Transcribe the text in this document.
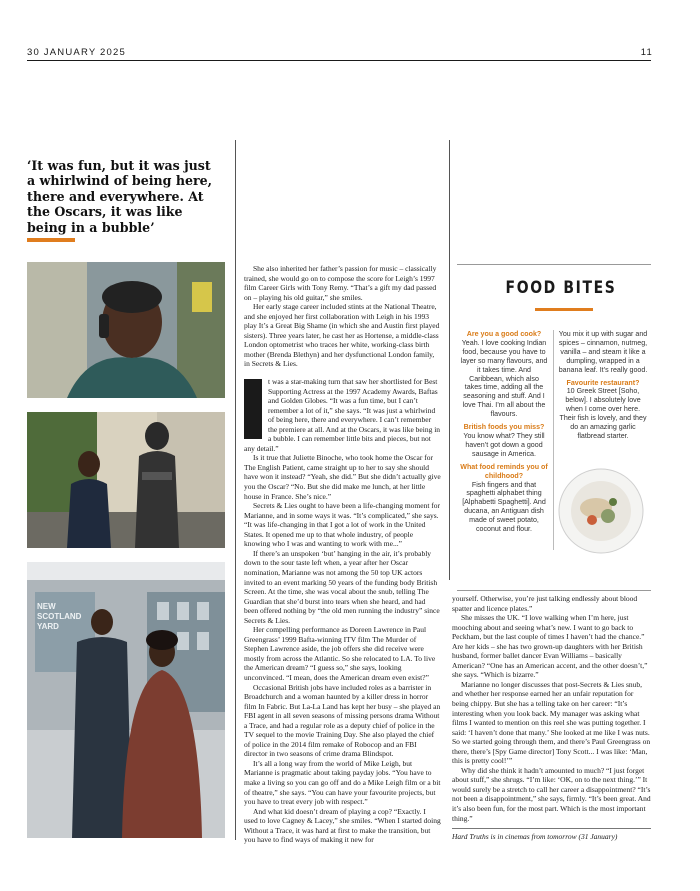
30 JANUARY 2025	11
‘It was fun, but it was just a whirlwind of being here, there and everywhere. At the Oscars, it was like being in a bubble’
NEW SCOTLAND YARD

She also inherited her father’s passion for music – classically trained, she would go on to compose the score for Leigh’s 1997 film Career Girls with Tony Remy. “That’s a gift my dad passed on – playing his old guitar,” she smiles.

Her early stage career included stints at the National Theatre, and she enjoyed her first collaboration with Leigh in his 1993 play It’s a Great Big Shame (in which she and Austin first played sisters). Three years later, he cast her as Hortense, a middle-class London optometrist who traces her white, working-class birth mother (Brenda Blethyn) and her dysfunctional London family, in Secrets & Lies.

t was a star-making turn that saw her shortlisted for Best Supporting Actress at the 1997 Academy Awards, Baftas and Golden Globes. “It was a fun time, but I can’t remember a lot of it,” she says. “It was just a whirlwind of being here, there and everywhere. I can’t remember the premiere at all. And at the Oscars, it was like being in a bubble. I can remember little bits and pieces, but not any detail.”

Is it true that Juliette Binoche, who took home the Oscar for The English Patient, came straight up to her to say she should have won it instead? “Yeah, she did.” But she didn’t actually give you the Oscar? “No. But she did make me lunch, at her little house in France. She’s nice.”

Secrets & Lies ought to have been a life-changing moment for Marianne, and in some ways it was. “It’s complicated,” she says. “It was life-changing in that I got a lot of work in the United States. It opened me up to that whole industry, of people knowing who I was and wanting to work with me...”

If there’s an unspoken ‘but’ hanging in the air, it’s probably down to the sour taste left when, a year after her Oscar nomination, Marianne was not among the 50 top UK actors invited to an event marking 50 years of the funding body British Screen. At the time, she was vocal about the snub, telling The Guardian that she’d burst into tears when she heard, and had been offered nothing by “the old men running the industry” since Secrets & Lies.

Her compelling performance as Doreen Lawrence in Paul Greengrass’ 1999 Bafta-winning ITV film The Murder of Stephen Lawrence aside, the job offers she did receive were mostly from across the Atlantic. So she relocated to LA. To live the American dream? “I guess so,” she says, looking unconvinced. “I mean, does the American dream even exist?”

Occasional British jobs have included roles as a barrister in Broadchurch and a woman haunted by a killer dress in horror film In Fabric. But La-La Land has kept her busy – she played an FBI agent in all seven seasons of missing persons drama Without a Trace, and had a regular role as a deputy chief of police in the TV sequel to the movie Training Day. She also played the chief of police in the 2014 film remake of Robocop and an FBI director in two seasons of crime drama Blindspot.

It’s all a long way from the world of Mike Leigh, but Marianne is pragmatic about taking payday jobs. “You have to make a living so you can go off and do a Mike Leigh film or a bit of theatre,” she says. “You can have your favourite projects, but you have to treat every job with respect.”

And what kid doesn’t dream of playing a cop? “Exactly. I used to love Cagney & Lacey,” she smiles. “When I started doing Without a Trace, it was hard at first to make the transition, but you have to find ways of making it new for

FOOD BITES
Are you a good cook?
Yeah. I love cooking Indian food, because you have to layer so many flavours, and it takes time. And Caribbean, which also takes time, adding all the seasoning and stuff. And I love Thai. I’m all about the flavours.
British foods you miss?
You know what? They still haven’t got down a good sausage in America.
What food reminds you of childhood?
Fish fingers and that spaghetti alphabet thing [Alphabetti Spaghetti]. And ducana, an Antiguan dish made of sweet potato, coconut and flour.
You mix it up with sugar and spices – cinnamon, nutmeg, vanilla – and steam it like a dumpling, wrapped in a banana leaf. It’s really good.
Favourite restaurant?
10 Greek Street [Soho, below]. I absolutely love when I come over here. Their fish is lovely, and they do an amazing garlic flatbread starter.

yourself. Otherwise, you’re just talking endlessly about blood spatter and licence plates.”

She misses the UK. “I love walking when I’m here, just mooching about and seeing what’s new. I want to go back to Peckham, but the last couple of times I haven’t had the chance.” Are her kids – she has two grown-up daughters with her British husband, former ballet dancer Evan Williams – basically American? “One has an American accent, and the other doesn’t,” she says. “Which is bizarre.”

Marianne no longer discusses that post-Secrets & Lies snub, and whether her response earned her an unfair reputation for being chippy. But she has a telling take on her career: “It’s interesting when you look back. My manager was asking what films I wanted to mention on this reel she was putting together. I said: ‘I haven’t done that many.’ She looked at me like I was nuts. So we started going through them, and there’s Paul Greengrass on there, there’s [Spy Game director] Tony Scott... I was like: ‘Man, this is pretty cool!’”

Why did she think it hadn’t amounted to much? “I just forget about stuff,” she shrugs. “I’m like: ‘OK, on to the next thing.’” It would surely be a stretch to call her career a disappointment? “It’s not been a disappointment,” she says, firmly. “It’s been great. And it’s also been fun, for the most part. Which is the most important thing.”

Hard Truths is in cinemas from tomorrow (31 January)
